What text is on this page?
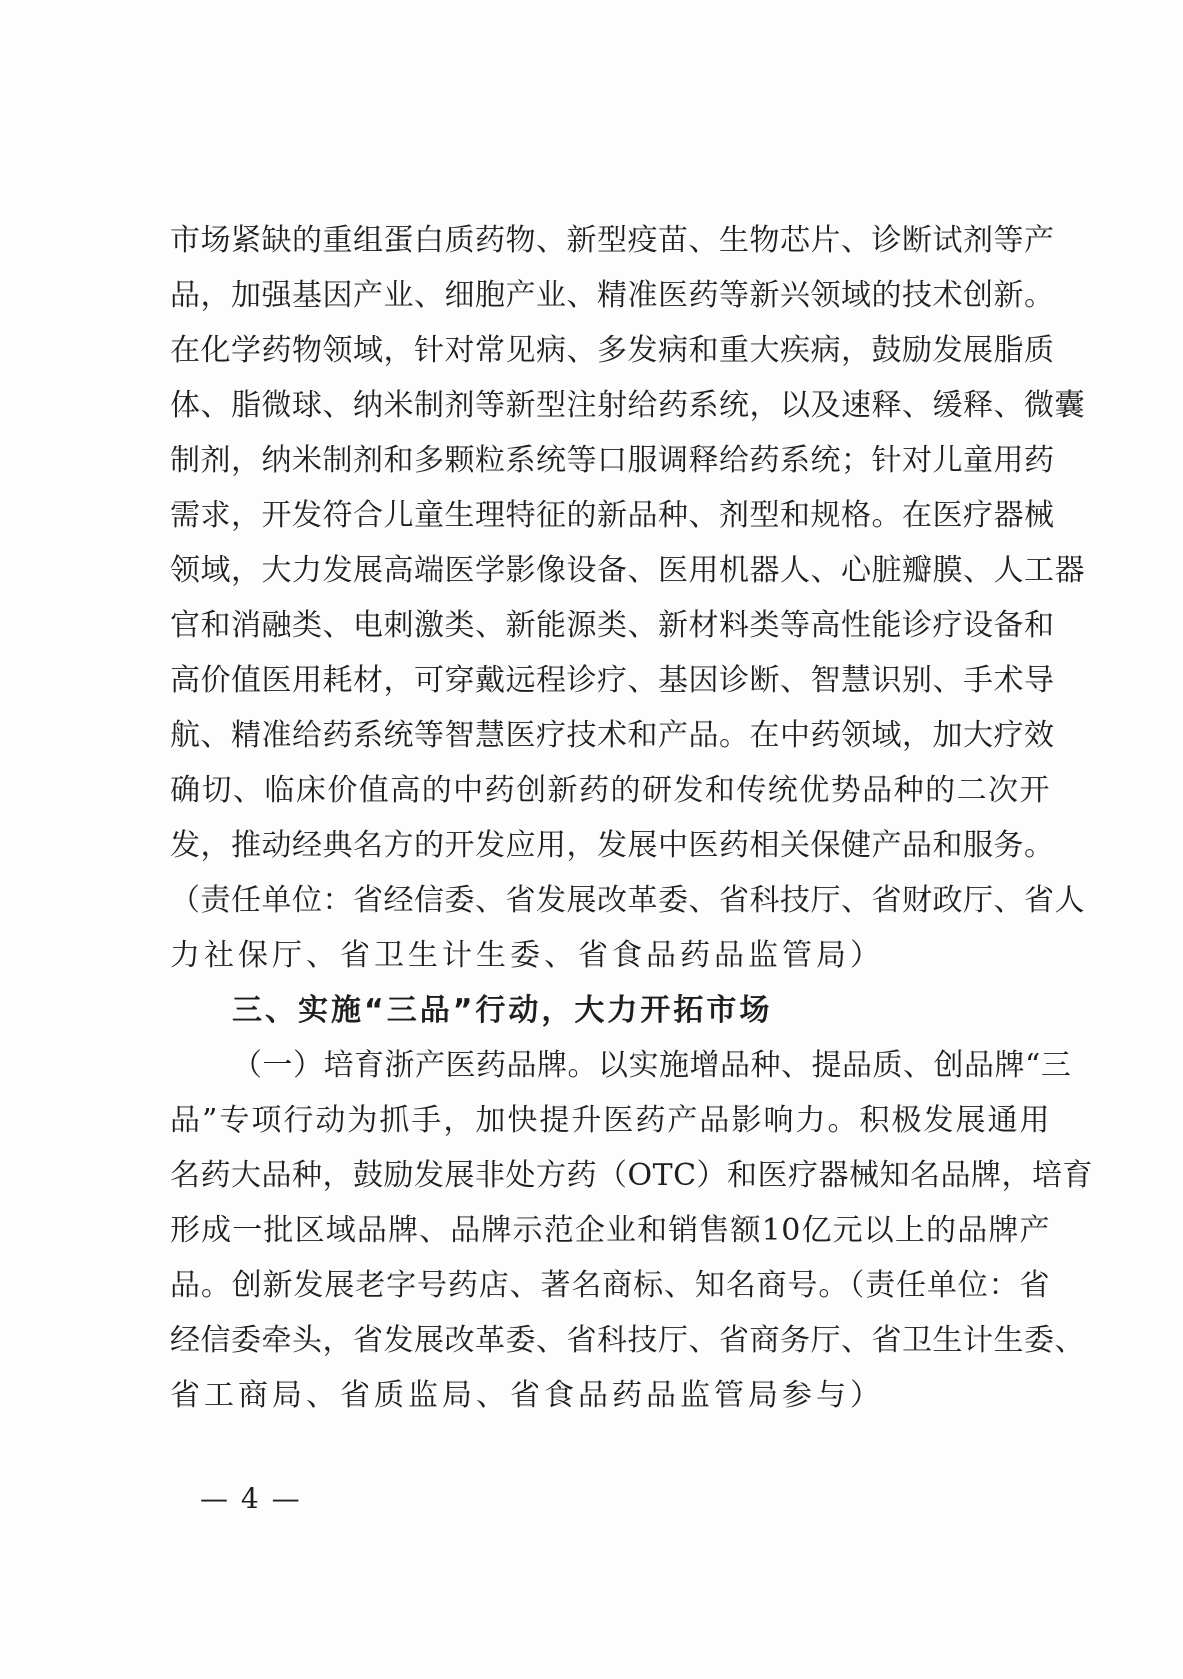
市场紧缺的重组蛋白质药物、新型疫苗、生物芯片、诊断试剂等产
品，加强基因产业、细胞产业、精准医药等新兴领域的技术创新。
在化学药物领域，针对常见病、多发病和重大疾病，鼓励发展脂质
体、脂微球、纳米制剂等新型注射给药系统，以及速释、缓释、微囊
制剂，纳米制剂和多颗粒系统等口服调释给药系统；针对儿童用药
需求，开发符合儿童生理特征的新品种、剂型和规格。在医疗器械
领域，大力发展高端医学影像设备、医用机器人、心脏瓣膜、人工器
官和消融类、电刺激类、新能源类、新材料类等高性能诊疗设备和
高价值医用耗材，可穿戴远程诊疗、基因诊断、智慧识别、手术导
航、精准给药系统等智慧医疗技术和产品。在中药领域，加大疗效
确切、临床价值高的中药创新药的研发和传统优势品种的二次开
发，推动经典名方的开发应用，发展中医药相关保健产品和服务。
（责任单位：省经信委、省发展改革委、省科技厅、省财政厅、省人
力社保厅、省卫生计生委、省食品药品监管局）
三、实施“三品”行动，大力开拓市场
（一）培育浙产医药品牌。以实施增品种、提品质、创品牌“三
品”专项行动为抓手，加快提升医药产品影响力。积极发展通用
名药大品种，鼓励发展非处方药（OTC）和医疗器械知名品牌，培育
形成一批区域品牌、品牌示范企业和销售额10亿元以上的品牌产
品。创新发展老字号药店、著名商标、知名商号。（责任单位：省
经信委牵头，省发展改革委、省科技厅、省商务厅、省卫生计生委、
省工商局、省质监局、省食品药品监管局参与）
— 4 —
